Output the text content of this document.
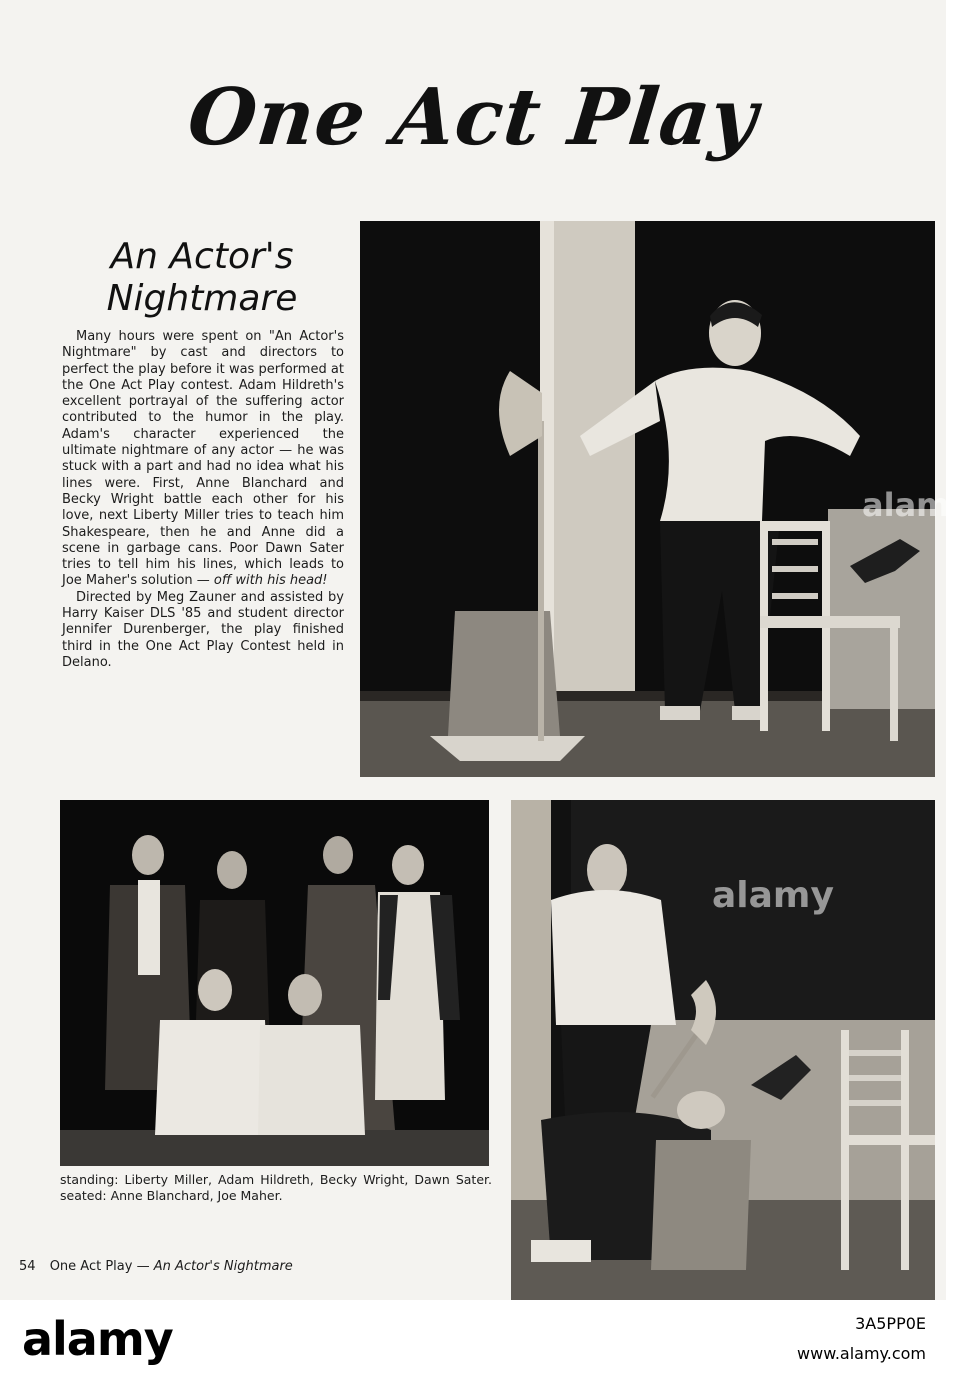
One Act Play
An Actor's
Nightmare

Many hours were spent on "An Actor's Nightmare" by cast and directors to perfect the play before it was performed at the One Act Play contest. Adam Hildreth's excellent portrayal of the suffering actor contributed to the humor in the play. Adam's character experienced the ultimate nightmare of any actor — he was stuck with a part and had no idea what his lines were. First, Anne Blanchard and Becky Wright battle each other for his love, next Liberty Miller tries to teach him Shakespeare, then he and Anne did a scene in garbage cans. Poor Dawn Sater tries to tell him his lines, which leads to Joe Maher's solution — off with his head!

Directed by Meg Zauner and assisted by Harry Kaiser DLS '85 and student director Jennifer Durenberger, the play finished third in the One Act Play Contest held in Delano.

alamy
alamy
standing: Liberty Miller, Adam Hildreth, Becky Wright, Dawn Sater. seated: Anne Blanchard, Joe Maher.
54 One Act Play — An Actor's Nightmare
alamy	3A5PP0E
www.alamy.com
